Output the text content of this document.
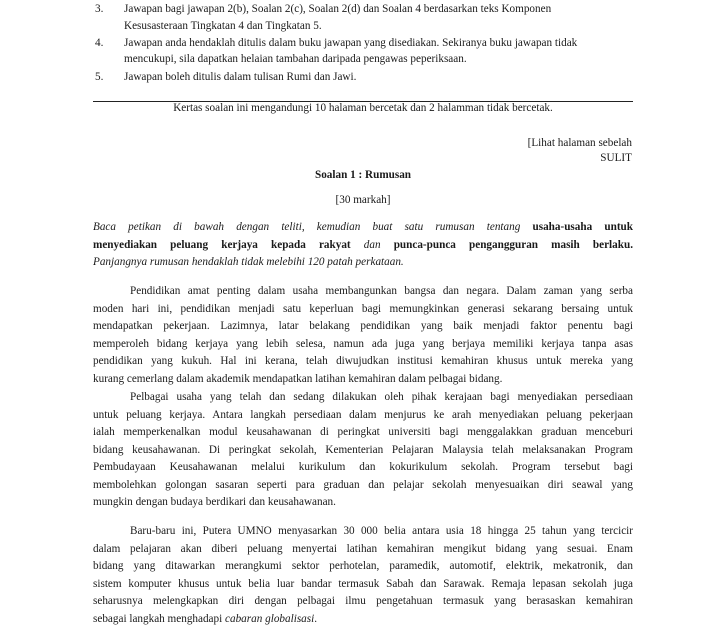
3. Jawapan bagi jawapan 2(b), Soalan 2(c), Soalan 2(d) dan Soalan 4 berdasarkan teks Komponen

Kesusasteraan Tingkatan 4 dan Tingkatan 5.

4. Jawapan anda hendaklah ditulis dalam buku jawapan yang disediakan. Sekiranya buku jawapan tidak

mencukupi, sila dapatkan helaian tambahan daripada pengawas peperiksaan.

5. Jawapan boleh ditulis dalam tulisan Rumi dan Jawi.

Kertas soalan ini mengandungi 10 halaman bercetak dan 2 halamman tidak bercetak.

[Lihat halaman sebelah

SULIT

Soalan 1 : Rumusan

[30 markah]

Baca petikan di bawah dengan teliti, kemudian buat satu rumusan tentang usaha-usaha untuk
menyediakan peluang kerjaya kepada rakyat dan punca-punca pengangguran masih berlaku.
Panjangnya rumusan hendaklah tidak melebihi 120 patah perkataan.
Pendidikan amat penting dalam usaha membangunkan bangsa dan negara. Dalam zaman yang serba
moden hari ini, pendidikan menjadi satu keperluan bagi memungkinkan generasi sekarang bersaing untuk
mendapatkan pekerjaan. Lazimnya, latar belakang pendidikan yang baik menjadi faktor penentu bagi
memperoleh bidang kerjaya yang lebih selesa, namun ada juga yang berjaya memiliki kerjaya tanpa asas
pendidikan yang kukuh. Hal ini kerana, telah diwujudkan institusi kemahiran khusus untuk mereka yang
kurang cemerlang dalam akademik mendapatkan latihan kemahiran dalam pelbagai bidang.
Pelbagai usaha yang telah dan sedang dilakukan oleh pihak kerajaan bagi menyediakan persediaan
untuk peluang kerjaya. Antara langkah persediaan dalam menjurus ke arah menyediakan peluang pekerjaan
ialah memperkenalkan modul keusahawanan di peringkat universiti bagi menggalakkan graduan menceburi
bidang keusahawanan. Di peringkat sekolah, Kementerian Pelajaran Malaysia telah melaksanakan Program
Pembudayaan Keusahawanan melalui kurikulum dan kokurikulum sekolah. Program tersebut bagi
membolehkan golongan sasaran seperti para graduan dan pelajar sekolah menyesuaikan diri seawal yang
mungkin dengan budaya berdikari dan keusahawanan.
Baru-baru ini, Putera UMNO menyasarkan 30 000 belia antara usia 18 hingga 25 tahun yang tercicir
dalam pelajaran akan diberi peluang menyertai latihan kemahiran mengikut bidang yang sesuai. Enam
bidang yang ditawarkan merangkumi sektor perhotelan, paramedik, automotif, elektrik, mekatronik, dan
sistem komputer khusus untuk belia luar bandar termasuk Sabah dan Sarawak. Remaja lepasan sekolah juga
seharusnya melengkapkan diri dengan pelbagai ilmu pengetahuan termasuk yang berasaskan kemahiran
sebagai langkah menghadapi cabaran globalisasi.
